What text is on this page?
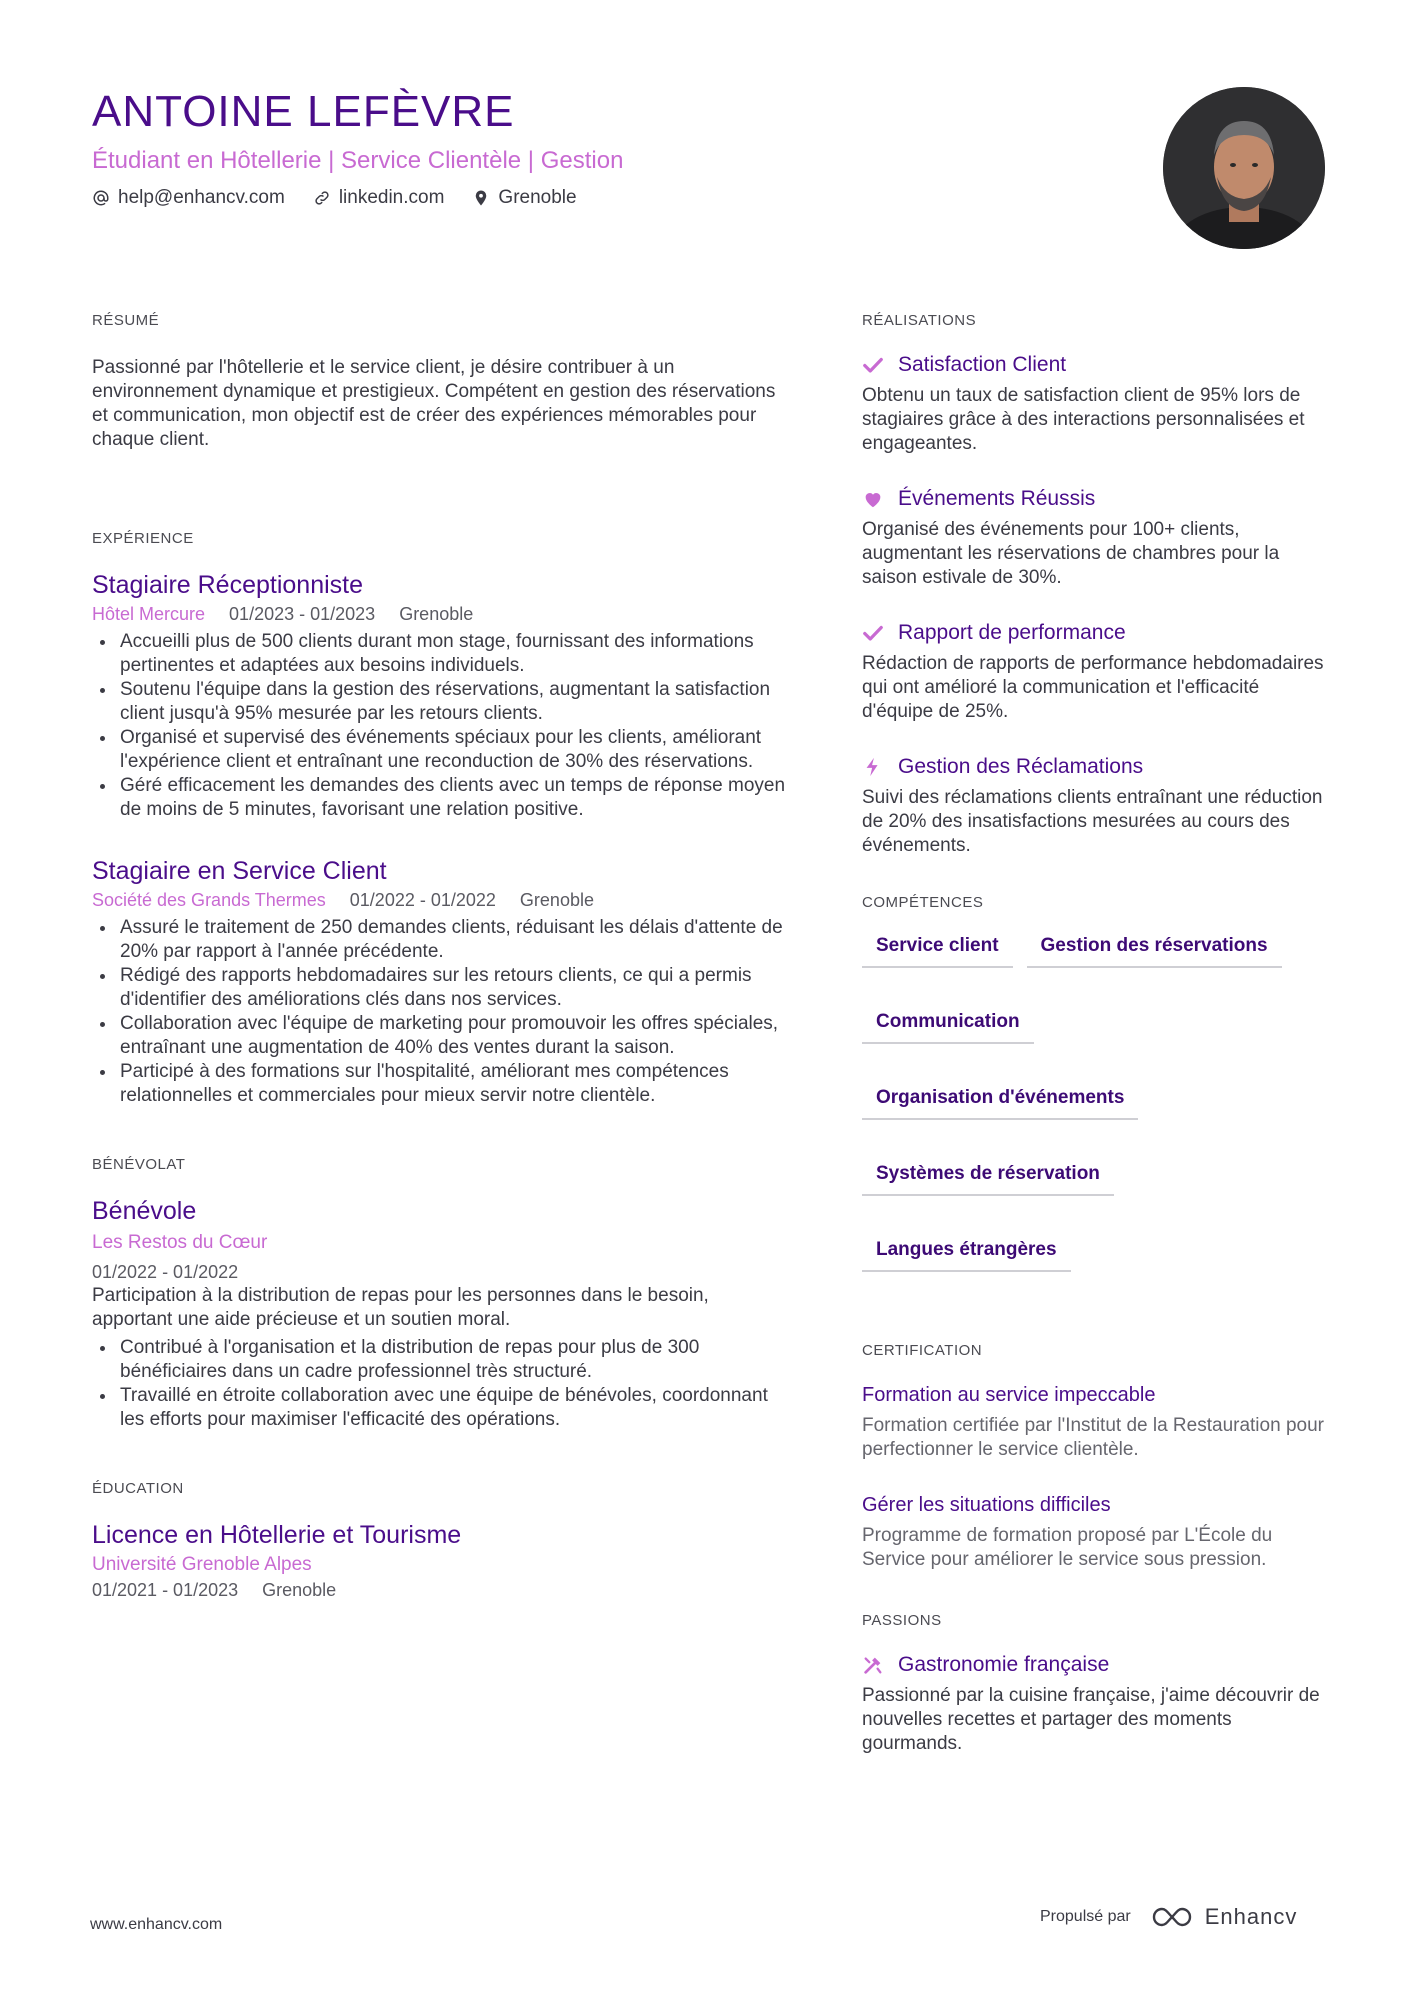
ANTOINE LEFÈVRE
Étudiant en Hôtellerie | Service Clientèle | Gestion
help@enhancv.com	linkedin.com	Grenoble
RÉSUMÉ

Passionné par l'hôtellerie et le service client, je désire contribuer à un environnement dynamique et prestigieux. Compétent en gestion des réservations et communication, mon objectif est de créer des expériences mémorables pour chaque client.

EXPÉRIENCE
Stagiaire Réceptionniste
Hôtel Mercure 01/2023 - 01/2023 Grenoble
Accueilli plus de 500 clients durant mon stage, fournissant des informations pertinentes et adaptées aux besoins individuels.
Soutenu l'équipe dans la gestion des réservations, augmentant la satisfaction client jusqu'à 95% mesurée par les retours clients.
Organisé et supervisé des événements spéciaux pour les clients, améliorant l'expérience client et entraînant une reconduction de 30% des réservations.
Géré efficacement les demandes des clients avec un temps de réponse moyen de moins de 5 minutes, favorisant une relation positive.
Stagiaire en Service Client
Société des Grands Thermes 01/2022 - 01/2022 Grenoble
Assuré le traitement de 250 demandes clients, réduisant les délais d'attente de 20% par rapport à l'année précédente.
Rédigé des rapports hebdomadaires sur les retours clients, ce qui a permis d'identifier des améliorations clés dans nos services.
Collaboration avec l'équipe de marketing pour promouvoir les offres spéciales, entraînant une augmentation de 40% des ventes durant la saison.
Participé à des formations sur l'hospitalité, améliorant mes compétences relationnelles et commerciales pour mieux servir notre clientèle.
BÉNÉVOLAT
Bénévole
Les Restos du Cœur
01/2022 - 01/2022

Participation à la distribution de repas pour les personnes dans le besoin, apportant une aide précieuse et un soutien moral.

Contribué à l'organisation et la distribution de repas pour plus de 300 bénéficiaires dans un cadre professionnel très structuré.
Travaillé en étroite collaboration avec une équipe de bénévoles, coordonnant les efforts pour maximiser l'efficacité des opérations.
ÉDUCATION
Licence en Hôtellerie et Tourisme
Université Grenoble Alpes
01/2021 - 01/2023 Grenoble
RÉALISATIONS
Satisfaction Client

Obtenu un taux de satisfaction client de 95% lors de stagiaires grâce à des interactions personnalisées et engageantes.

Événements Réussis

Organisé des événements pour 100+ clients, augmentant les réservations de chambres pour la saison estivale de 30%.

Rapport de performance

Rédaction de rapports de performance hebdomadaires qui ont amélioré la communication et l'efficacité d'équipe de 25%.

Gestion des Réclamations

Suivi des réclamations clients entraînant une réduction de 20% des insatisfactions mesurées au cours des événements.

COMPÉTENCES
Service client	Gestion des réservations
Communication
Organisation d'événements
Systèmes de réservation
Langues étrangères
CERTIFICATION
Formation au service impeccable
Formation certifiée par l'Institut de la Restauration pour perfectionner le service clientèle.
Gérer les situations difficiles
Programme de formation proposé par L'École du Service pour améliorer le service sous pression.
PASSIONS
Gastronomie française

Passionné par la cuisine française, j'aime découvrir de nouvelles recettes et partager des moments gourmands.

www.enhancv.com	Propulsé par	Enhancv
